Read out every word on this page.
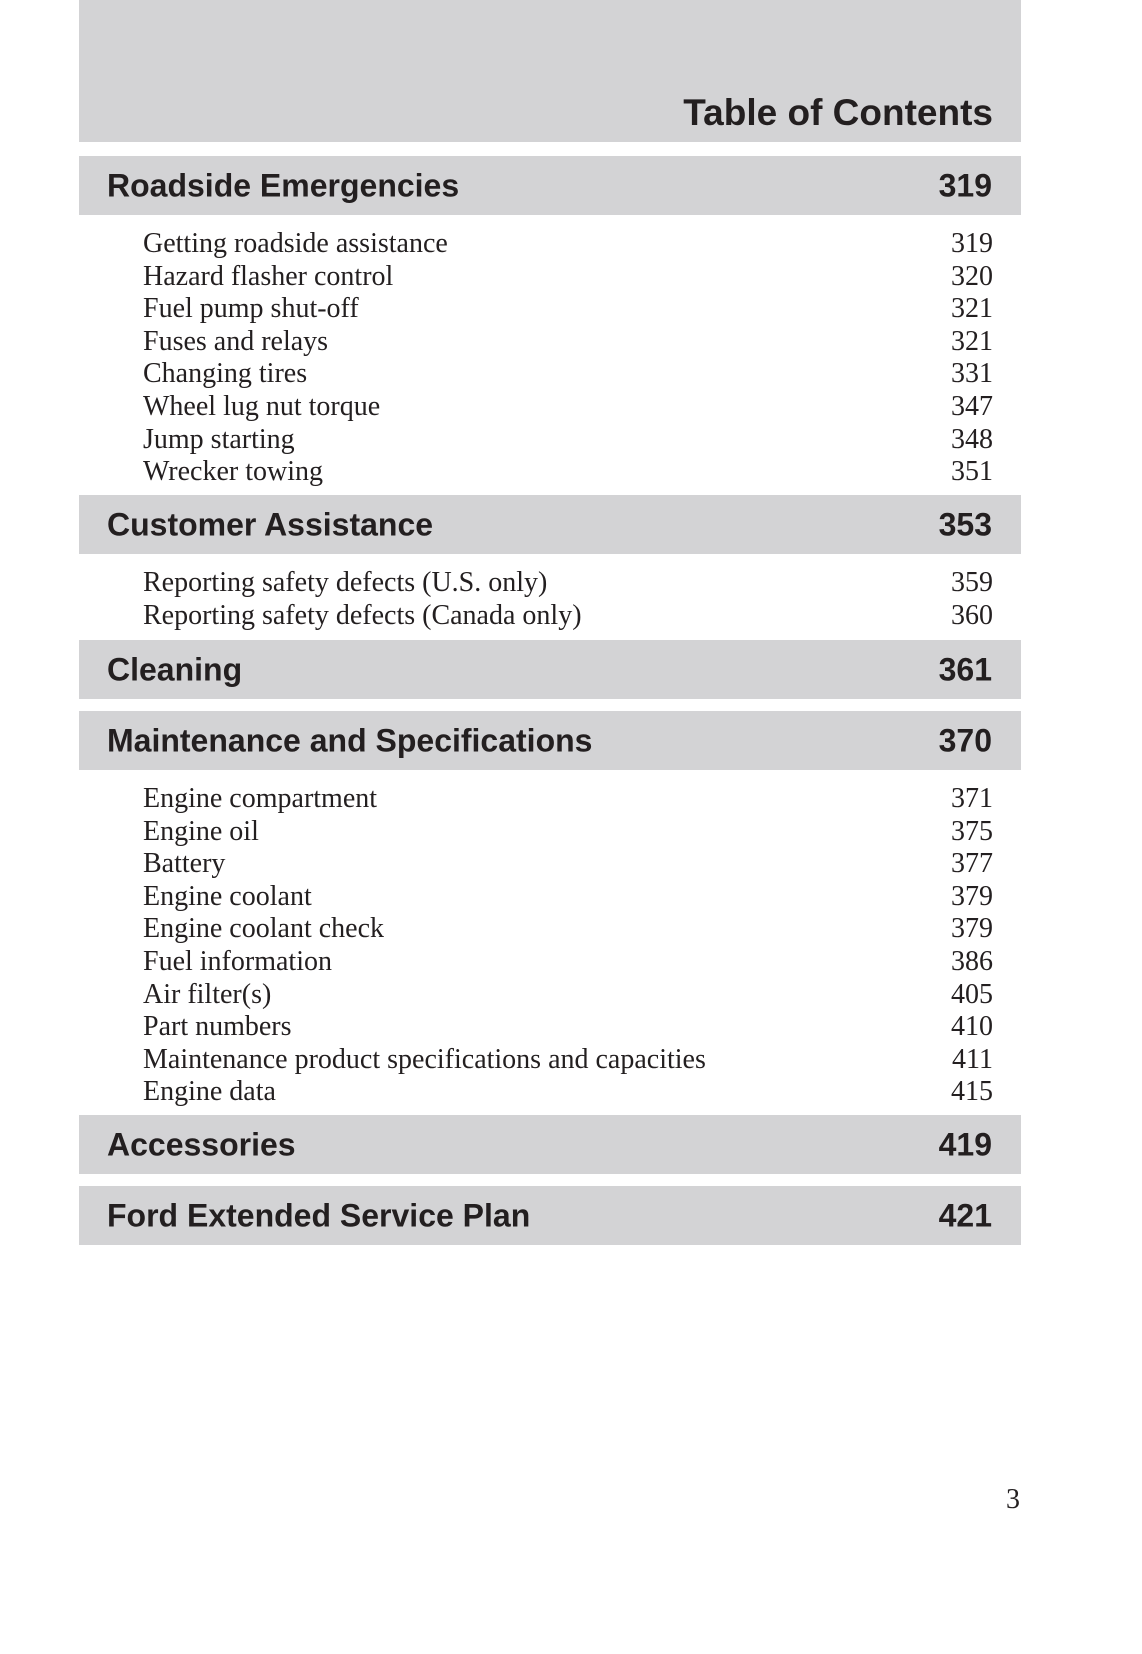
Table of Contents
Roadside Emergencies	319
Getting roadside assistance	319
Hazard flasher control	320
Fuel pump shut-off	321
Fuses and relays	321
Changing tires	331
Wheel lug nut torque	347
Jump starting	348
Wrecker towing	351
Customer Assistance	353
Reporting safety defects (U.S. only)	359
Reporting safety defects (Canada only)	360
Cleaning	361
Maintenance and Specifications	370
Engine compartment	371
Engine oil	375
Battery	377
Engine coolant	379
Engine coolant check	379
Fuel information	386
Air filter(s)	405
Part numbers	410
Maintenance product specifications and capacities	411
Engine data	415
Accessories	419
Ford Extended Service Plan	421
3
